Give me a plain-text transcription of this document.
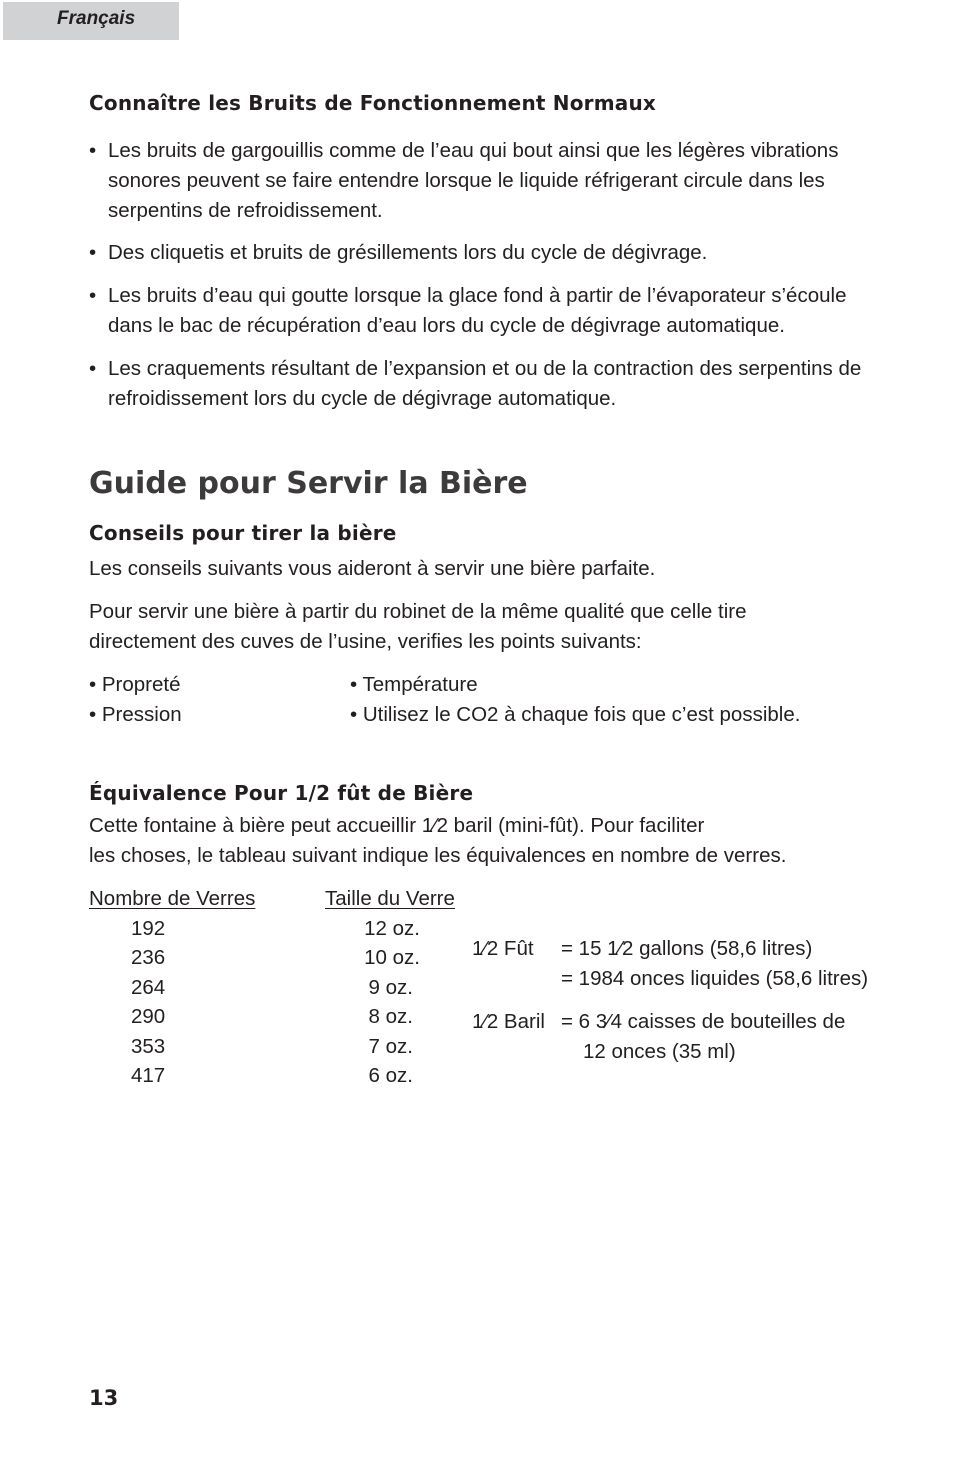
Français
Connaître les Bruits de Fonctionnement Normaux
• Les bruits de gargouillis comme de l’eau qui bout ainsi que les légères vibrations
sonores peuvent se faire entendre lorsque le liquide réfrigerant circule dans les
serpentins de refroidissement.
• Des cliquetis et bruits de grésillements lors du cycle de dégivrage.
• Les bruits d’eau qui goutte lorsque la glace fond à partir de l’évaporateur s’écoule
dans le bac de récupération d’eau lors du cycle de dégivrage automatique.
• Les craquements résultant de l’expansion et ou de la contraction des serpentins de
refroidissement lors du cycle de dégivrage automatique.
Guide pour Servir la Bière
Conseils pour tirer la bière
Les conseils suivants vous aideront à servir une bière parfaite.
Pour servir une bière à partir du robinet de la même qualité que celle tire
directement des cuves de l’usine, verifies les points suivants:
• Propreté
• Pression
• Température
• Utilisez le CO2 à chaque fois que c’est possible.
Équivalence Pour 1/2 fût de Bière
Cette fontaine à bière peut accueillir 1⁄2 baril (mini-fût). Pour faciliter
les choses, le tableau suivant indique les équivalences en nombre de verres.
Nombre de Verres	Taille du Verre
192	12 oz.
236	10 oz.
264	9 oz.
290	8 oz.
353	7 oz.
417	6 oz.
1⁄2 Fût = 15 1⁄2 gallons (58,6 litres)
= 1984 onces liquides (58,6 litres)
1⁄2 Baril = 6 3⁄4 caisses de bouteilles de
12 onces (35 ml)
13
